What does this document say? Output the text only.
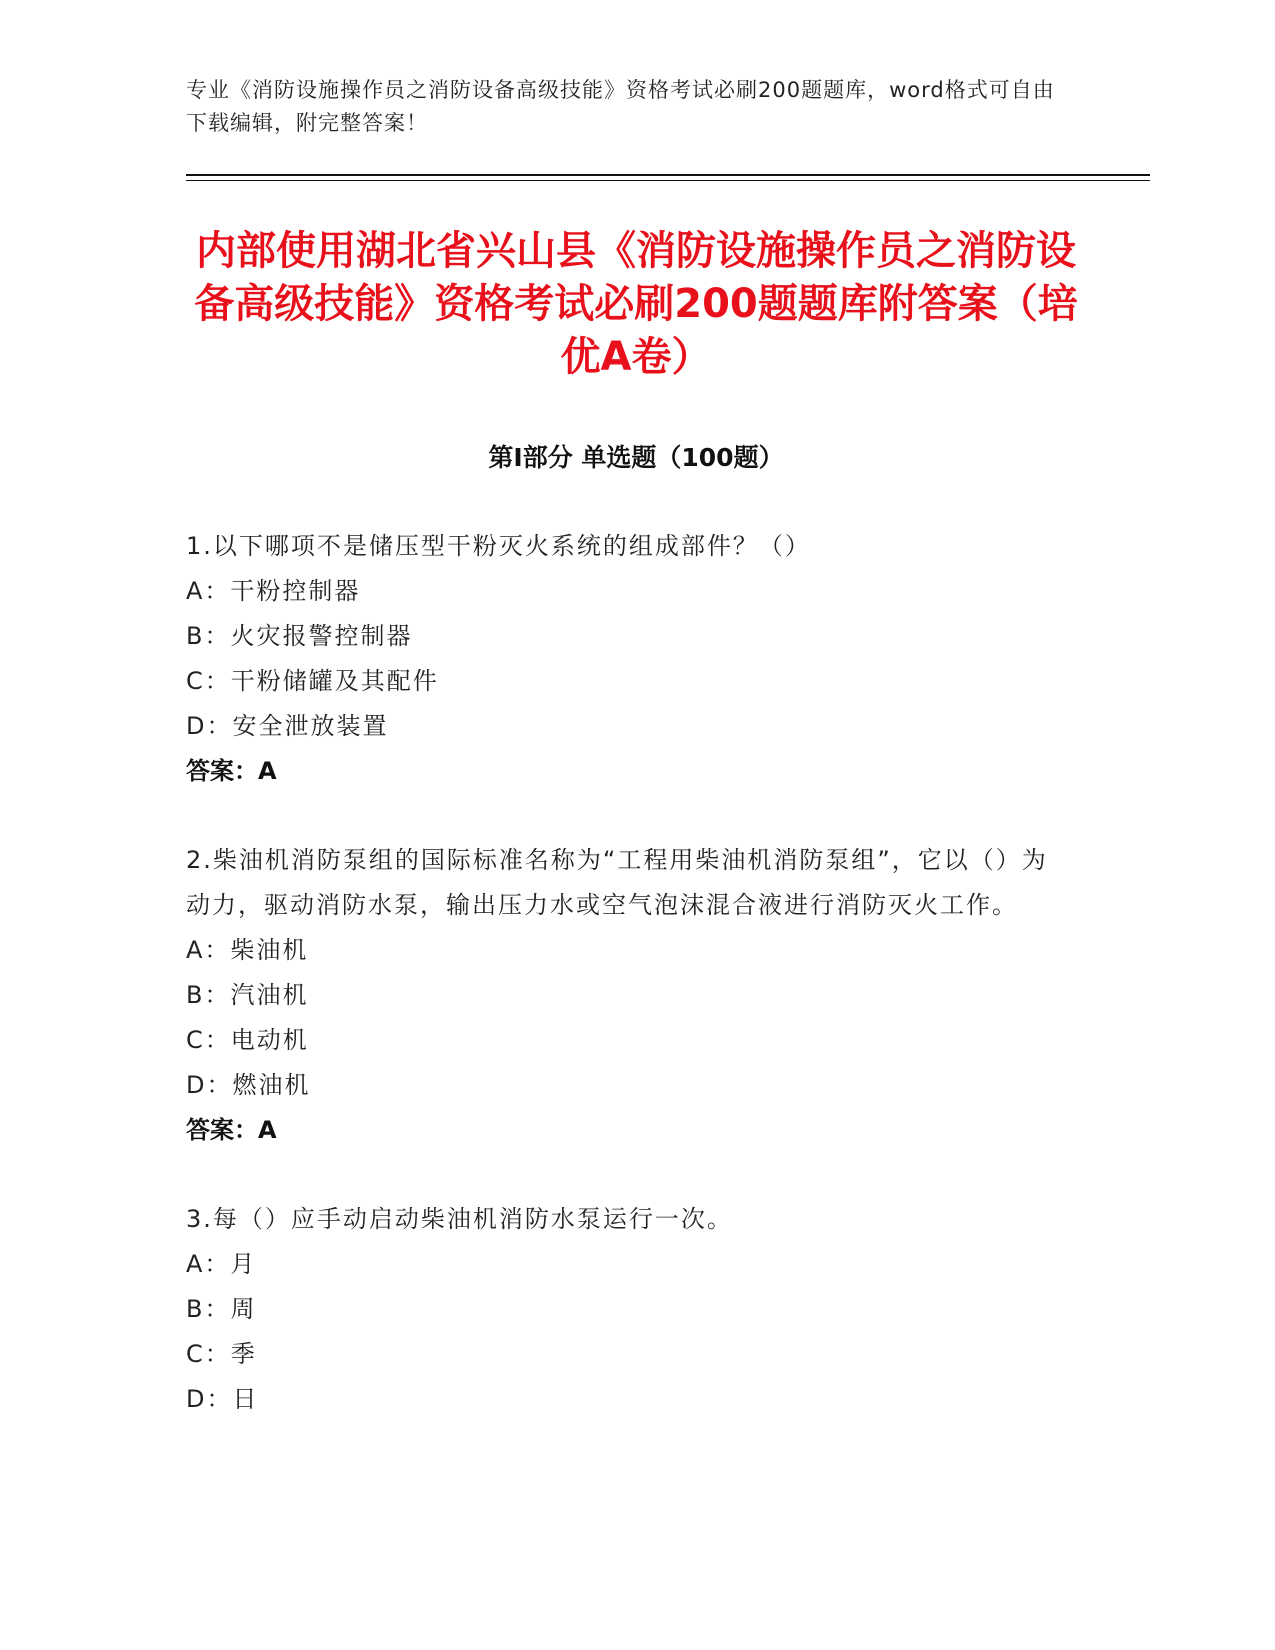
专业《消防设施操作员之消防设备高级技能》资格考试必刷200题题库，word格式可自由下载编辑，附完整答案！
内部使用湖北省兴山县《消防设施操作员之消防设备高级技能》资格考试必刷200题题库附答案（培优A卷）
第I部分 单选题（100题）
1.以下哪项不是储压型干粉灭火系统的组成部件？（）
A：干粉控制器
B：火灾报警控制器
C：干粉储罐及其配件
D：安全泄放装置
答案：A
2.柴油机消防泵组的国际标准名称为“工程用柴油机消防泵组”，它以（）为动力，驱动消防水泵，输出压力水或空气泡沫混合液进行消防灭火工作。
A：柴油机
B：汽油机
C：电动机
D：燃油机
答案：A
3.每（）应手动启动柴油机消防水泵运行一次。
A：月
B：周
C：季
D：日
